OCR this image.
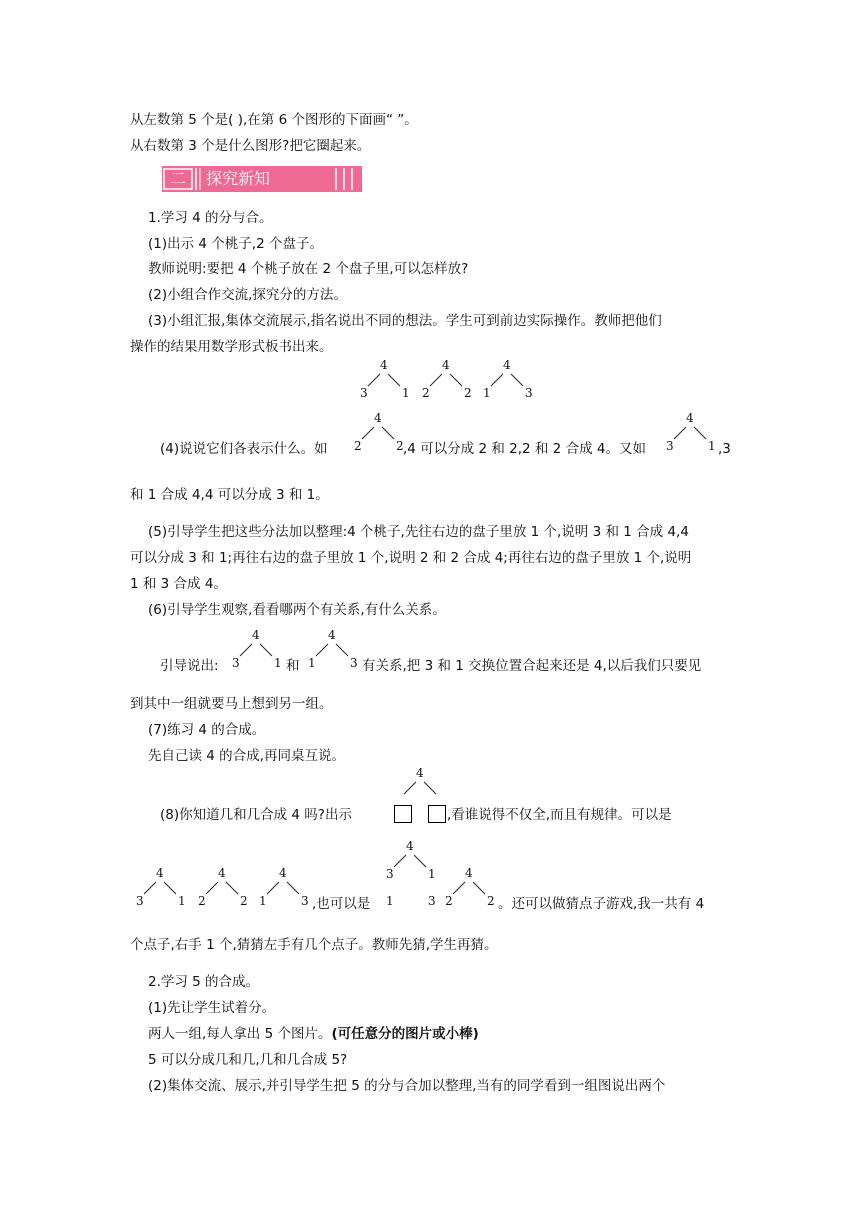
从左数第 5 个是( ),在第 6 个图形的下面画“ ”。
从右数第 3 个是什么图形?把它圈起来。
二 探究新知
1.学习 4 的分与合。
(1)出示 4 个桃子,2 个盘子。
教师说明:要把 4 个桃子放在 2 个盘子里,可以怎样放?
(2)小组合作交流,探究分的方法。
(3)小组汇报,集体交流展示,指名说出不同的想法。学生可到前边实际操作。教师把他们
操作的结果用数学形式板书出来。
4
3	1
4
2	2
4
1	3
(4)说说它们各表示什么。如
4
2	2 ,4 可以分成 2 和 2,2 和 2 合成 4。又如
4
3	1 ,3
和 1 合成 4,4 可以分成 3 和 1。
(5)引导学生把这些分法加以整理:4 个桃子,先往右边的盘子里放 1 个,说明 3 和 1 合成 4,4
可以分成 3 和 1;再往右边的盘子里放 1 个,说明 2 和 2 合成 4;再往右边的盘子里放 1 个,说明
1 和 3 合成 4。
(6)引导学生观察,看看哪两个有关系,有什么关系。
引导说出:
4
3	1 和
4
1	3 有关系,把 3 和 1 交换位置合起来还是 4,以后我们只要见
到其中一组就要马上想到另一组。
(7)练习 4 的合成。
先自己读 4 的合成,再同桌互说。
(8)你知道几和几合成 4 吗?出示
4
,看谁说得不仅全,而且有规律。可以是
4
3	1
4
2	2
4
1	3 ,也可以是
4
3	1
1	3
4
2	2 。还可以做猜点子游戏,我一共有 4
个点子,右手 1 个,猜猜左手有几个点子。教师先猜,学生再猜。
2.学习 5 的合成。
(1)先让学生试着分。
两人一组,每人拿出 5 个图片。(可任意分的图片或小棒)
5 可以分成几和几,几和几合成 5?
(2)集体交流、展示,并引导学生把 5 的分与合加以整理,当有的同学看到一组图说出两个
